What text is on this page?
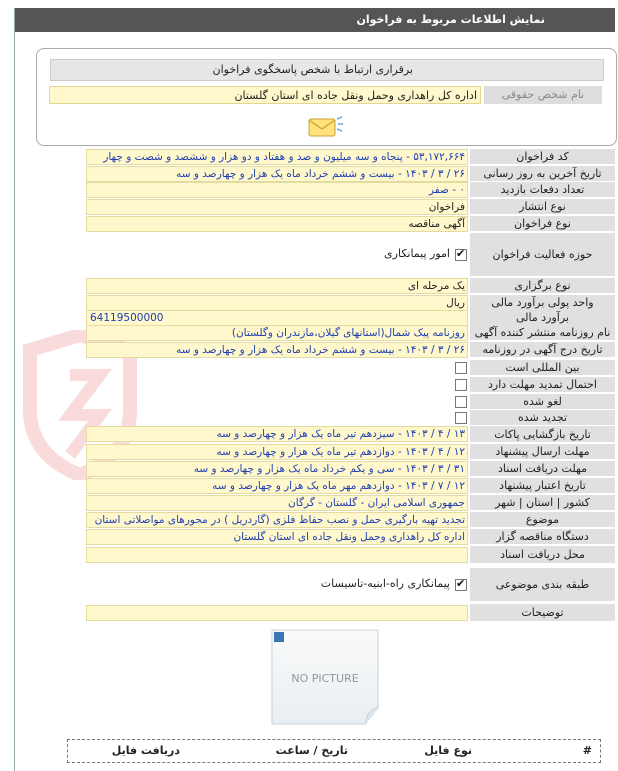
نمایش اطلاعات مربوط به فراخوان
برقراری ارتباط با شخص پاسخگوی فراخوان
نام شخص حقوقی
اداره کل راهداری وحمل ونقل جاده ای استان گلستان
کد فراخوان
۵۳,۱۷۲,۶۶۴ - پنجاه و سه میلیون و صد و هفتاد و دو هزار و ششصد و شصت و چهار
تاریخ آخرین به روز رسانی
۲۶ / ۳ / ۱۴۰۳ - بیست و ششم خرداد ماه یک هزار و چهارصد و سه
تعداد دفعات بازدید
۰ - صفر
نوع انتشار
فراخوان
نوع فراخوان
آگهی مناقصه
حوزه فعالیت فراخوان
✔
امور پیمانکاری
نوع برگزاری
یک مرحله ای
واحد پولی برآورد مالی
ریال
برآورد مالی
64119500000
نام روزنامه منتشر کننده آگهی
روزنامه پیک شمال(استانهای گیلان،مازندران وگلستان)
تاریخ درج آگهی در روزنامه
۲۶ / ۳ / ۱۴۰۳ - بیست و ششم خرداد ماه یک هزار و چهارصد و سه
بین المللی است
احتمال تمدید مهلت دارد
لغو شده
تجدید شده
تاریخ بازگشایی پاکات
۱۳ / ۴ / ۱۴۰۳ - سیزدهم تیر ماه یک هزار و چهارصد و سه
مهلت ارسال پیشنهاد
۱۲ / ۴ / ۱۴۰۳ - دوازدهم تیر ماه یک هزار و چهارصد و سه
مهلت دریافت اسناد
۳۱ / ۳ / ۱۴۰۳ - سی و یکم خرداد ماه یک هزار و چهارصد و سه
تاریخ اعتبار پیشنهاد
۱۲ / ۷ / ۱۴۰۳ - دوازدهم مهر ماه یک هزار و چهارصد و سه
کشور | استان | شهر
جمهوری اسلامی ایران - گلستان - گرگان
موضوع
تجدید تهیه بارگیری حمل و نصب حفاظ فلزی (گاردریل ) در محورهای مواصلاتی استان
دستگاه مناقصه گزار
اداره کل راهداری وحمل ونقل جاده ای استان گلستان
محل دریافت اسناد
طبقه بندی موضوعی
✔
پیمانکاری راه-ابنیه-تاسیسات
توضیحات
NO PICTURE
#
نوع فایل
تاریخ / ساعت
دریافت فایل
